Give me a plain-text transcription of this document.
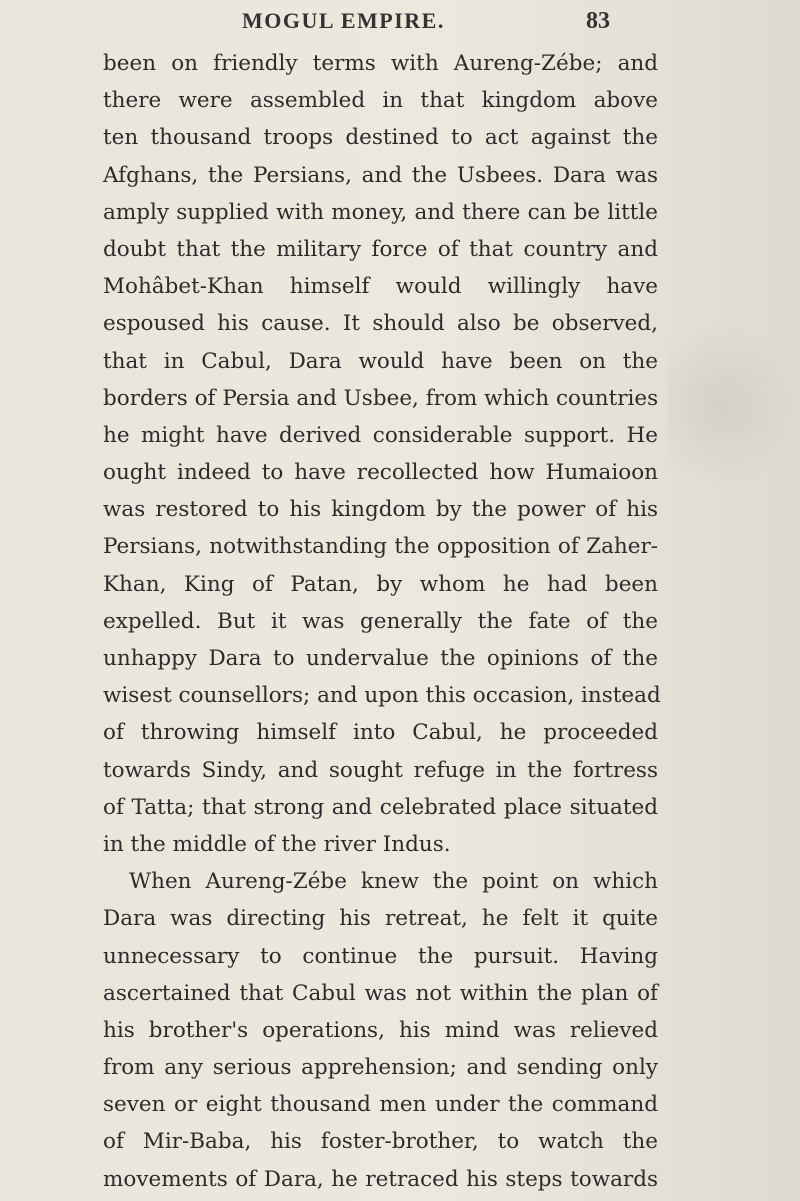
MOGUL EMPIRE.	83
been on friendly terms with Aureng-Zébe; and
there were assembled in that kingdom above
ten thousand troops destined to act against the
Afghans, the Persians, and the Usbees. Dara was
amply supplied with money, and there can be little
doubt that the military force of that country and
Mohâbet-Khan himself would willingly have
espoused his cause. It should also be observed,
that in Cabul, Dara would have been on the
borders of Persia and Usbee, from which countries
he might have derived considerable support. He
ought indeed to have recollected how Humaioon
was restored to his kingdom by the power of his
Persians, notwithstanding the opposition of Zaher-
Khan, King of Patan, by whom he had been
expelled. But it was generally the fate of the
unhappy Dara to undervalue the opinions of the
wisest counsellors; and upon this occasion, instead
of throwing himself into Cabul, he proceeded
towards Sindy, and sought refuge in the fortress
of Tatta; that strong and celebrated place situated
in the middle of the river Indus.
When Aureng-Zébe knew the point on which
Dara was directing his retreat, he felt it quite
unnecessary to continue the pursuit. Having
ascertained that Cabul was not within the plan of
his brother's operations, his mind was relieved
from any serious apprehension; and sending only
seven or eight thousand men under the command
of Mir-Baba, his foster-brother, to watch the
movements of Dara, he retraced his steps towards
